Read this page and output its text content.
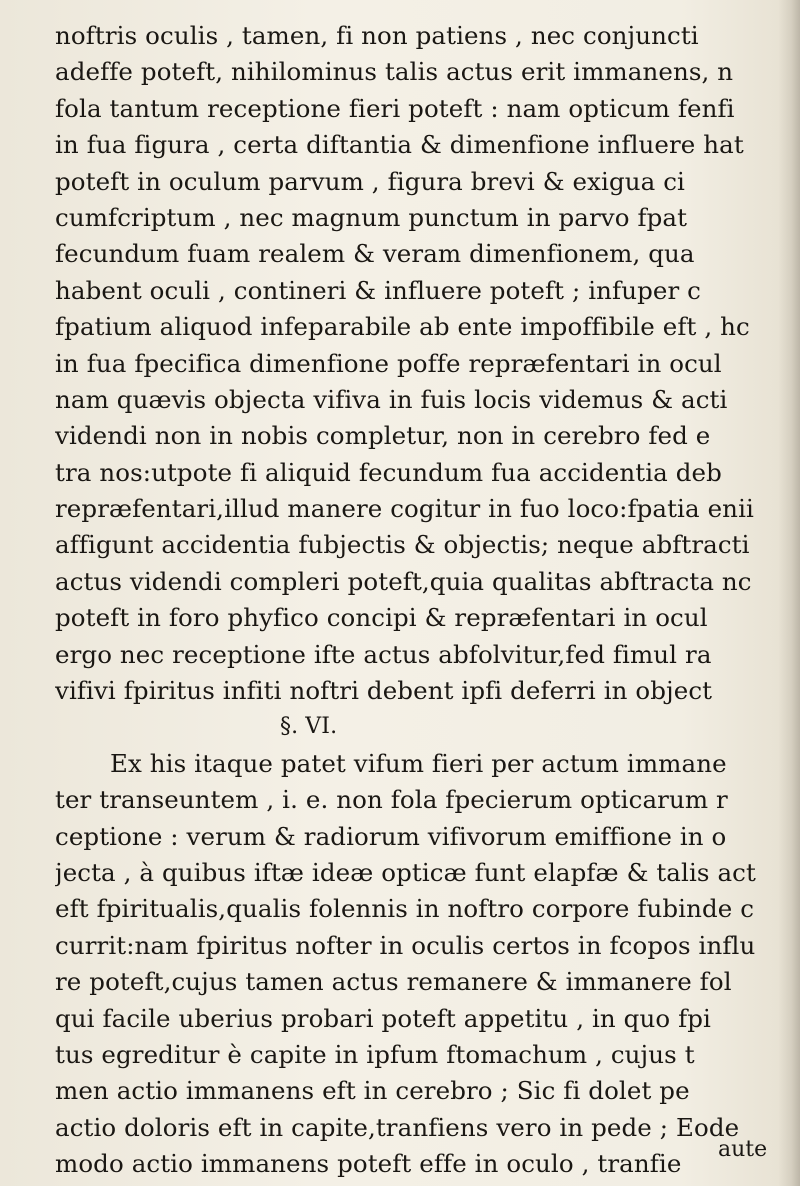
noftris oculis , tamen, fi non patiens , nec conjuncti
adeffe poteft, nihilominus talis actus erit immanens, n
fola tantum receptione fieri poteft : nam opticum fenfi
in fua figura , certa diftantia & dimenfione influere hat
poteft in oculum parvum , figura brevi & exigua ci
cumfcriptum , nec magnum punctum in parvo fpat
fecundum fuam realem & veram dimenfionem, qua
habent oculi , contineri & influere poteft ; infuper c
fpatium aliquod infeparabile ab ente impoffibile eft , hc
in fua fpecifica dimenfione poffe repræfentari in ocul
nam quævis objecta vifiva in fuis locis videmus & acti
videndi non in nobis completur, non in cerebro fed e
tra nos:utpote fi aliquid fecundum fua accidentia deb
repræfentari,illud manere cogitur in fuo loco:fpatia enii
affigunt accidentia fubjectis & objectis; neque abftracti
actus videndi compleri poteft,quia qualitas abftracta nc
poteft in foro phyfico concipi & repræfentari in ocul
ergo nec receptione ifte actus abfolvitur,fed fimul ra
vifivi fpiritus infiti noftri debent ipfi deferri in object
§. VI.
Ex his itaque patet vifum fieri per actum immane
ter transeuntem , i. e. non fola fpecierum opticarum r
ceptione : verum & radiorum vifivorum emiffione in o
jecta , à quibus iftæ ideæ opticæ funt elapfæ & talis act
eft fpiritualis,qualis folennis in noftro corpore fubinde c
currit:nam fpiritus nofter in oculis certos in fcopos influ
re poteft,cujus tamen actus remanere & immanere fol
qui facile uberius probari poteft appetitu , in quo fpi
tus egreditur è capite in ipfum ftomachum , cujus t
men actio immanens eft in cerebro ; Sic fi dolet pe
actio doloris eft in capite,tranfiens vero in pede ; Eode
modo actio immanens poteft effe in oculo , tranfie	aute
